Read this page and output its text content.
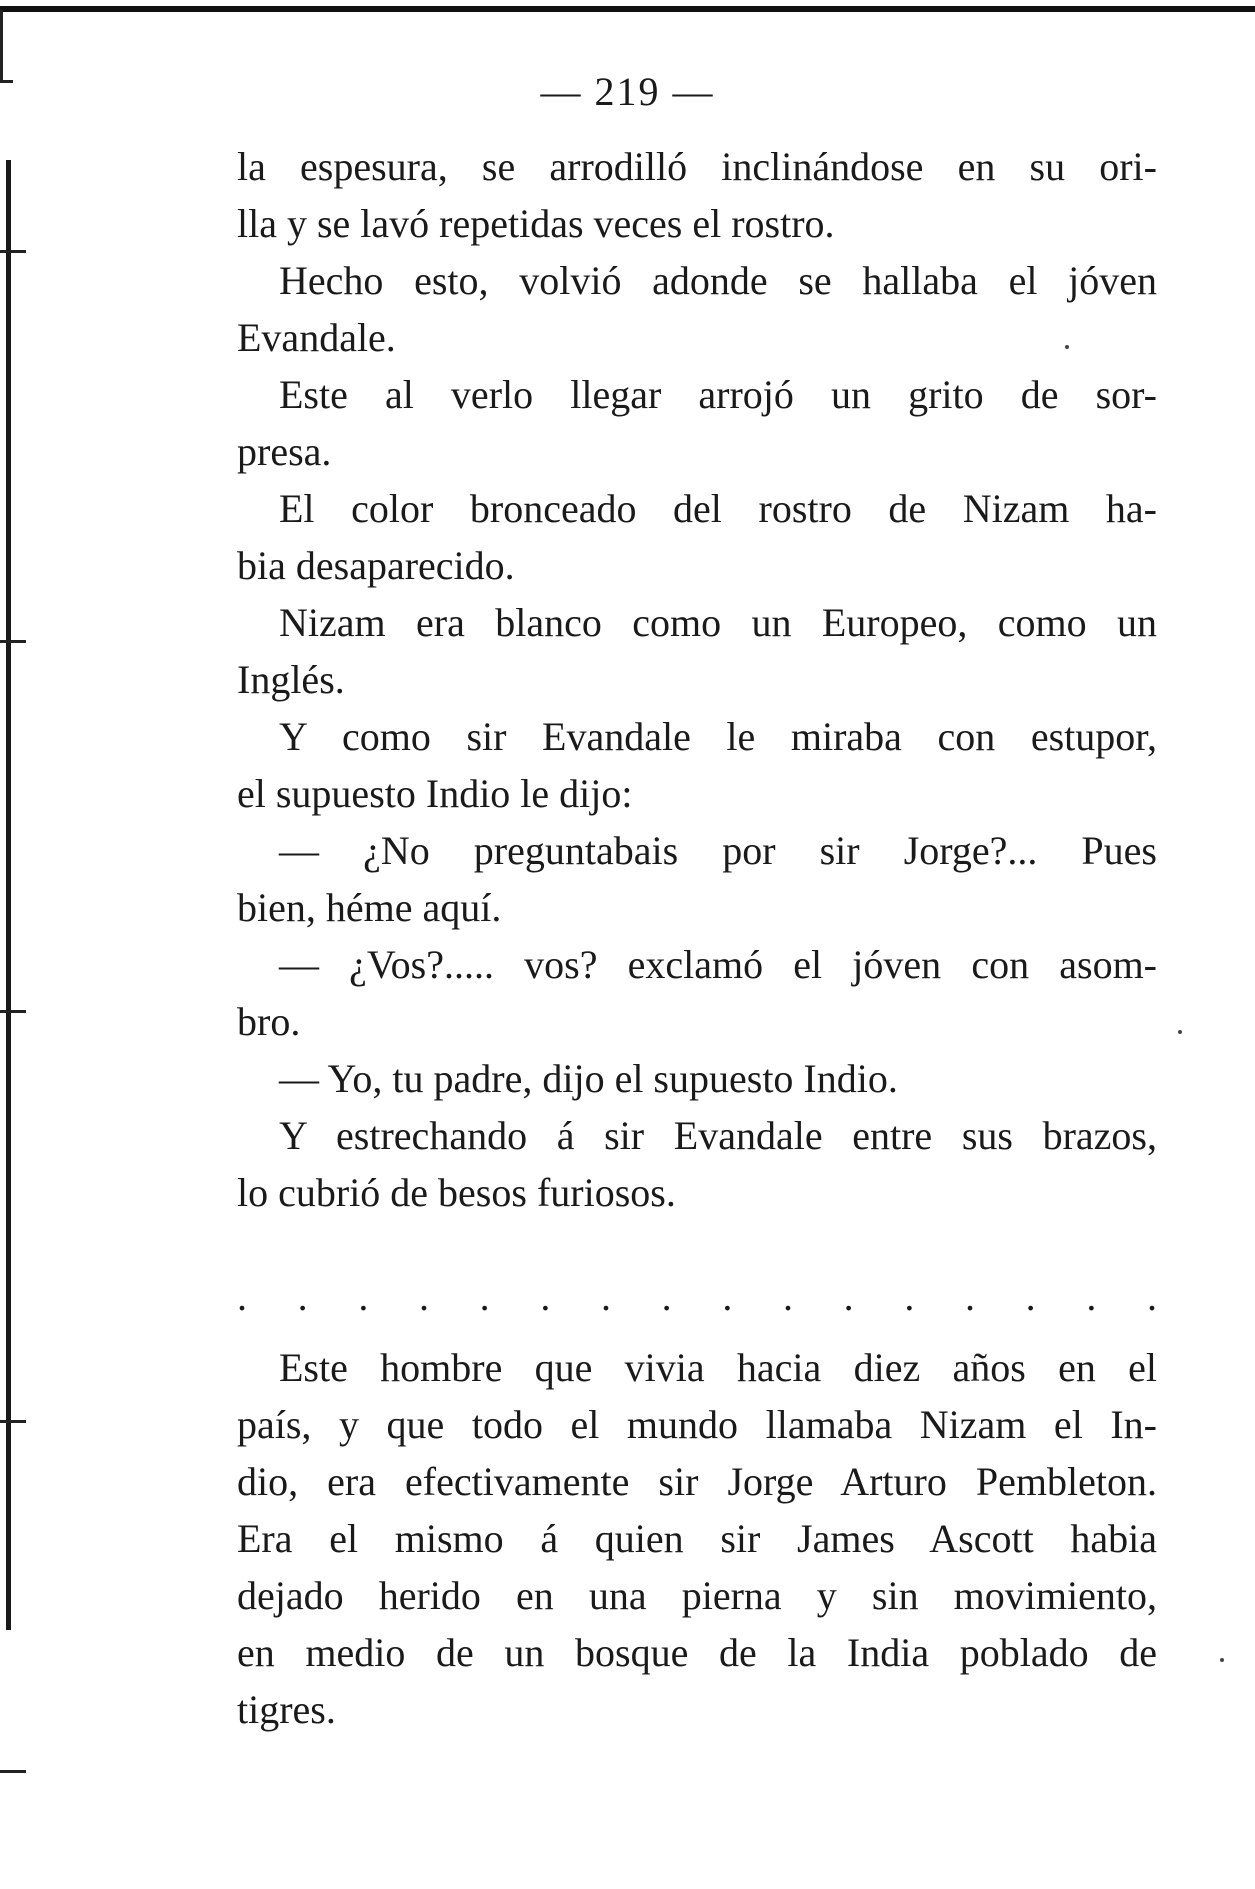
— 219 —
la espesura, se arrodilló inclinándose en su ori-
lla y se lavó repetidas veces el rostro.
Hecho esto, volvió adonde se hallaba el jóven
Evandale.
Este al verlo llegar arrojó un grito de sor-
presa.
El color bronceado del rostro de Nizam ha-
bia desaparecido.
Nizam era blanco como un Europeo, como un
Inglés.
Y como sir Evandale le miraba con estupor,
el supuesto Indio le dijo:
— ¿No preguntabais por sir Jorge?... Pues
bien, héme aquí.
— ¿Vos?..... vos? exclamó el jóven con asom-
bro.
— Yo, tu padre, dijo el supuesto Indio.
Y estrechando á sir Evandale entre sus brazos,
lo cubrió de besos furiosos.
. . . . . . . . . . . . . . . .
Este hombre que vivia hacia diez años en el
país, y que todo el mundo llamaba Nizam el In-
dio, era efectivamente sir Jorge Arturo Pembleton.
Era el mismo á quien sir James Ascott habia
dejado herido en una pierna y sin movimiento,
en medio de un bosque de la India poblado de
tigres.
